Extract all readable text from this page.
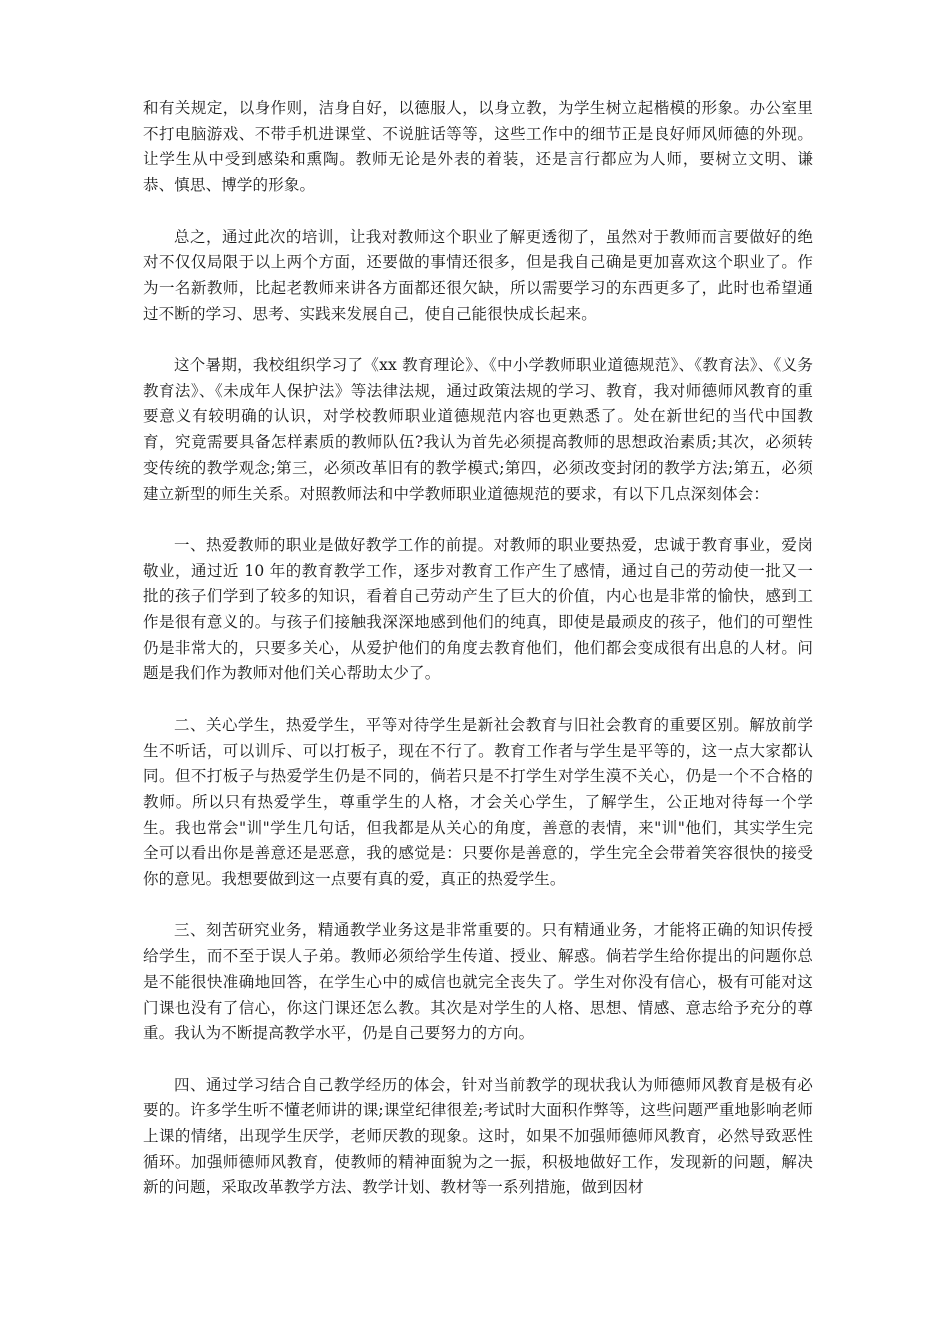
和有关规定，以身作则，洁身自好，以德服人，以身立教，为学生树立起楷模的形象。办公室里不打电脑游戏、不带手机进课堂、不说脏话等等，这些工作中的细节正是良好师风师德的外现。让学生从中受到感染和熏陶。教师无论是外表的着装，还是言行都应为人师，要树立文明、谦恭、慎思、博学的形象。

总之，通过此次的培训，让我对教师这个职业了解更透彻了，虽然对于教师而言要做好的绝对不仅仅局限于以上两个方面，还要做的事情还很多，但是我自己确是更加喜欢这个职业了。作为一名新教师，比起老教师来讲各方面都还很欠缺，所以需要学习的东西更多了，此时也希望通过不断的学习、思考、实践来发展自己，使自己能很快成长起来。

这个暑期，我校组织学习了《xx 教育理论》、《中小学教师职业道德规范》、《教育法》、《义务教育法》、《未成年人保护法》等法律法规，通过政策法规的学习、教育，我对师德师风教育的重要意义有较明确的认识，对学校教师职业道德规范内容也更熟悉了。处在新世纪的当代中国教育，究竟需要具备怎样素质的教师队伍?我认为首先必须提高教师的思想政治素质;其次，必须转变传统的教学观念;第三，必须改革旧有的教学模式;第四，必须改变封闭的教学方法;第五，必须建立新型的师生关系。对照教师法和中学教师职业道德规范的要求，有以下几点深刻体会：

一、热爱教师的职业是做好教学工作的前提。对教师的职业要热爱，忠诚于教育事业，爱岗敬业，通过近 10 年的教育教学工作，逐步对教育工作产生了感情，通过自己的劳动使一批又一批的孩子们学到了较多的知识，看着自己劳动产生了巨大的价值，内心也是非常的愉快，感到工作是很有意义的。与孩子们接触我深深地感到他们的纯真，即使是最顽皮的孩子，他们的可塑性仍是非常大的，只要多关心，从爱护他们的角度去教育他们，他们都会变成很有出息的人材。问题是我们作为教师对他们关心帮助太少了。

二、关心学生，热爱学生，平等对待学生是新社会教育与旧社会教育的重要区别。解放前学生不听话，可以训斥、可以打板子，现在不行了。教育工作者与学生是平等的，这一点大家都认同。但不打板子与热爱学生仍是不同的，倘若只是不打学生对学生漠不关心，仍是一个不合格的教师。所以只有热爱学生，尊重学生的人格，才会关心学生，了解学生，公正地对待每一个学生。我也常会"训"学生几句话，但我都是从关心的角度，善意的表情，来"训"他们，其实学生完全可以看出你是善意还是恶意，我的感觉是：只要你是善意的，学生完全会带着笑容很快的接受你的意见。我想要做到这一点要有真的爱，真正的热爱学生。

三、刻苦研究业务，精通教学业务这是非常重要的。只有精通业务，才能将正确的知识传授给学生，而不至于误人子弟。教师必须给学生传道、授业、解惑。倘若学生给你提出的问题你总是不能很快准确地回答，在学生心中的威信也就完全丧失了。学生对你没有信心，极有可能对这门课也没有了信心，你这门课还怎么教。其次是对学生的人格、思想、情感、意志给予充分的尊重。我认为不断提高教学水平，仍是自己要努力的方向。

四、通过学习结合自己教学经历的体会，针对当前教学的现状我认为师德师风教育是极有必要的。许多学生听不懂老师讲的课;课堂纪律很差;考试时大面积作弊等，这些问题严重地影响老师上课的情绪，出现学生厌学，老师厌教的现象。这时，如果不加强师德师风教育，必然导致恶性循环。加强师德师风教育，使教师的精神面貌为之一振，积极地做好工作，发现新的问题，解决新的问题，采取改革教学方法、教学计划、教材等一系列措施，做到因材
